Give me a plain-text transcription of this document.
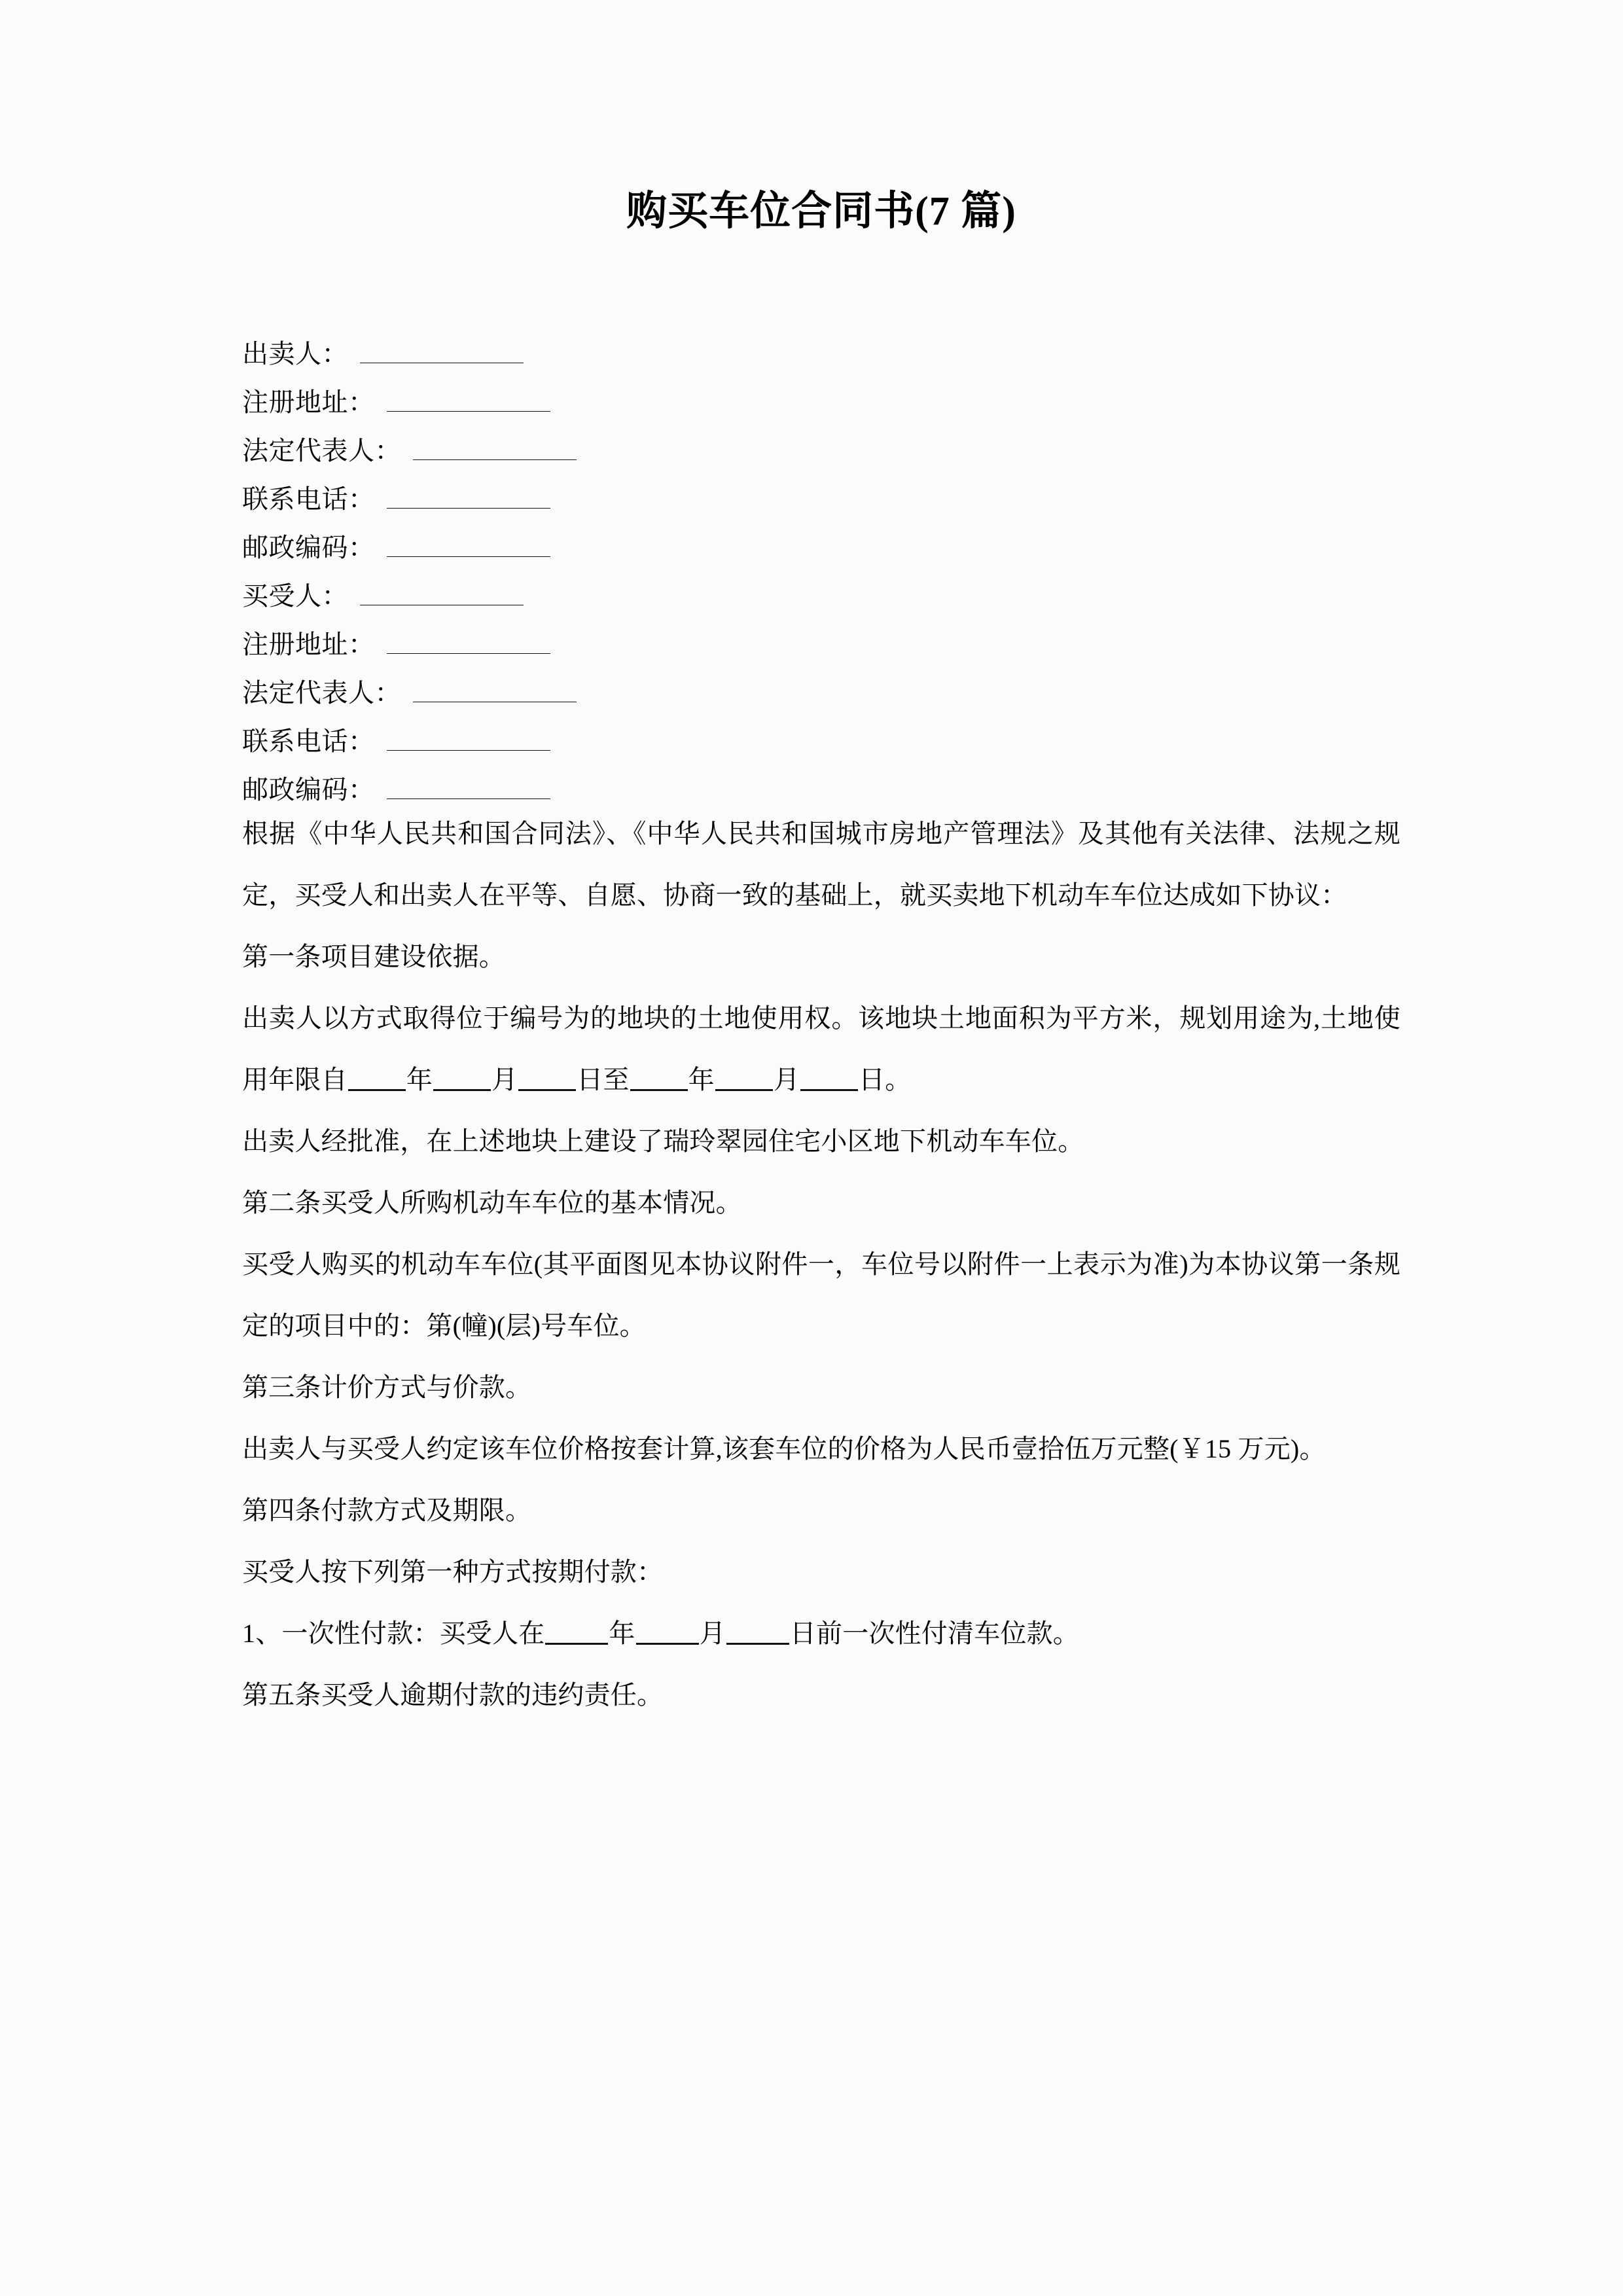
购买车位合同书(7 篇)
出卖人：
注册地址：
法定代表人：
联系电话：
邮政编码：
买受人：
注册地址：
法定代表人：
联系电话：
邮政编码：

根据《中华人民共和国合同法》、《中华人民共和国城市房地产管理法》及其他有关法律、法规之规定，买受人和出卖人在平等、自愿、协商一致的基础上，就买卖地下机动车车位达成如下协议：

第一条项目建设依据。

出卖人以方式取得位于编号为的地块的土地使用权。该地块土地面积为平方米，规划用途为,土地使用年限自 年 月 日至 年 月 日。

出卖人经批准，在上述地块上建设了瑞玲翠园住宅小区地下机动车车位。

第二条买受人所购机动车车位的基本情况。

买受人购买的机动车车位(其平面图见本协议附件一，车位号以附件一上表示为准)为本协议第一条规定的项目中的：第(幢)(层)号车位。

第三条计价方式与价款。

出卖人与买受人约定该车位价格按套计算,该套车位的价格为人民币壹拾伍万元整(￥15 万元)。

第四条付款方式及期限。

买受人按下列第一种方式按期付款：

1、一次性付款：买受人在 年 月 日前一次性付清车位款。

第五条买受人逾期付款的违约责任。
